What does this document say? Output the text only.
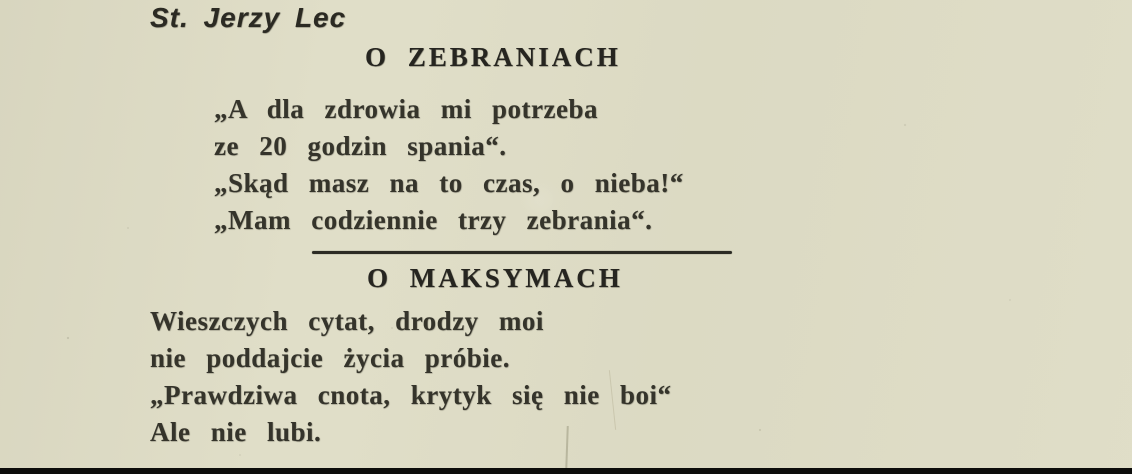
St. Jerzy Lec
O ZEBRANIACH
„A dla zdrowia mi potrzeba
ze 20 godzin spania“.
„Skąd masz na to czas, o nieba!“
„Mam codziennie trzy zebrania“.
O MAKSYMACH
Wieszczych cytat, drodzy moi
nie poddajcie życia próbie.
„Prawdziwa cnota, krytyk się nie boi“
Ale nie lubi.
